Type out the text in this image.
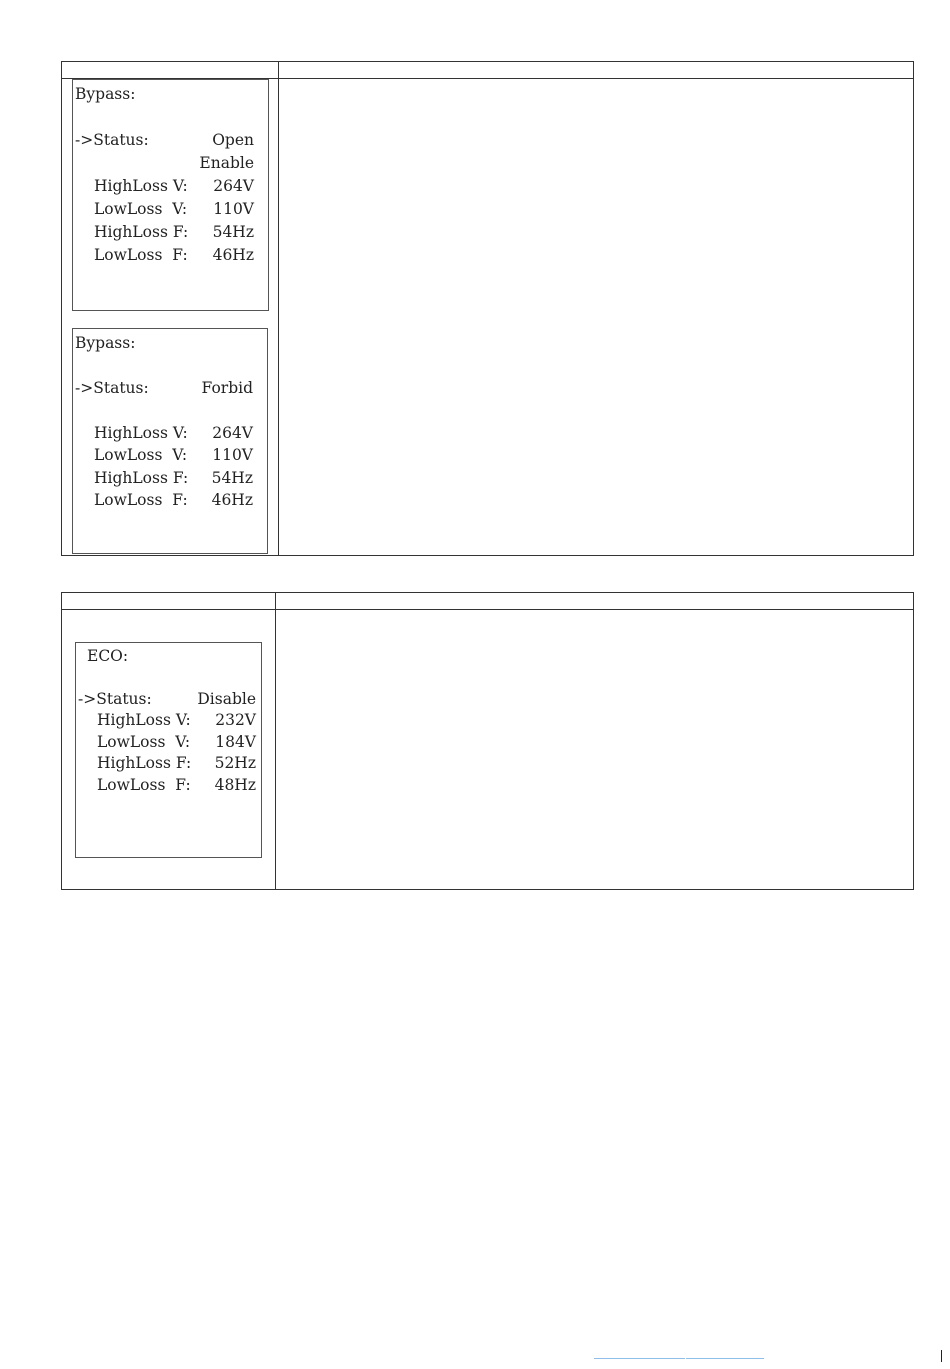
Bypass:
->Status:	Open
Enable
HighLoss V: 264V
LowLoss  V: 110V
HighLoss F: 54Hz
LowLoss  F: 46Hz
Bypass:
->Status:	Forbid
HighLoss V: 264V
LowLoss  V: 110V
HighLoss F: 54Hz
LowLoss  F: 46Hz
ECO:
->Status:	Disable
HighLoss V: 232V
LowLoss  V: 184V
HighLoss F: 52Hz
LowLoss  F: 48Hz
